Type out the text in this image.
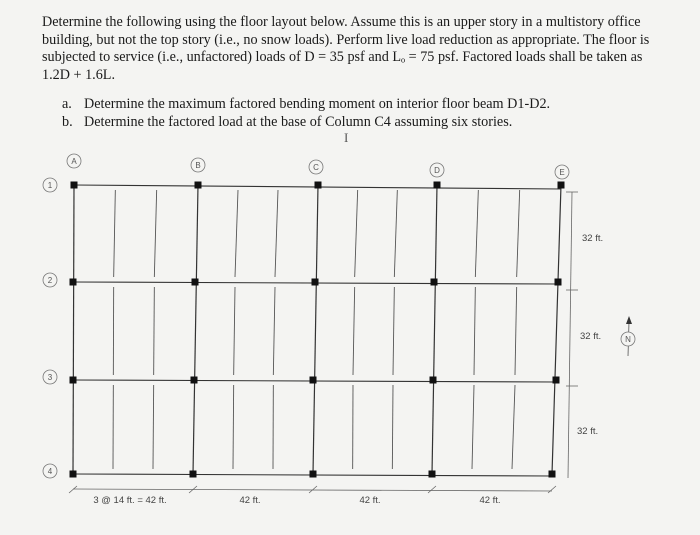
Determine the following using the floor layout below. Assume this is an upper story in a multistory office building, but not the top story (i.e., no snow loads). Perform live load reduction as appropriate. The floor is subjected to service (i.e., unfactored) loads of D = 35 psf and Lₒ = 75 psf. Factored loads shall be taken as 1.2D + 1.6L.

a. Determine the maximum factored bending moment on interior floor beam D1-D2.
b. Determine the factored load at the base of Column C4 assuming six stories.
I
3 @ 14 ft. = 42 ft.	42 ft.	42 ft.	42 ft.
32 ft.
32 ft.
32 ft.
A	B	C	D	E
1
2
3
4
N
